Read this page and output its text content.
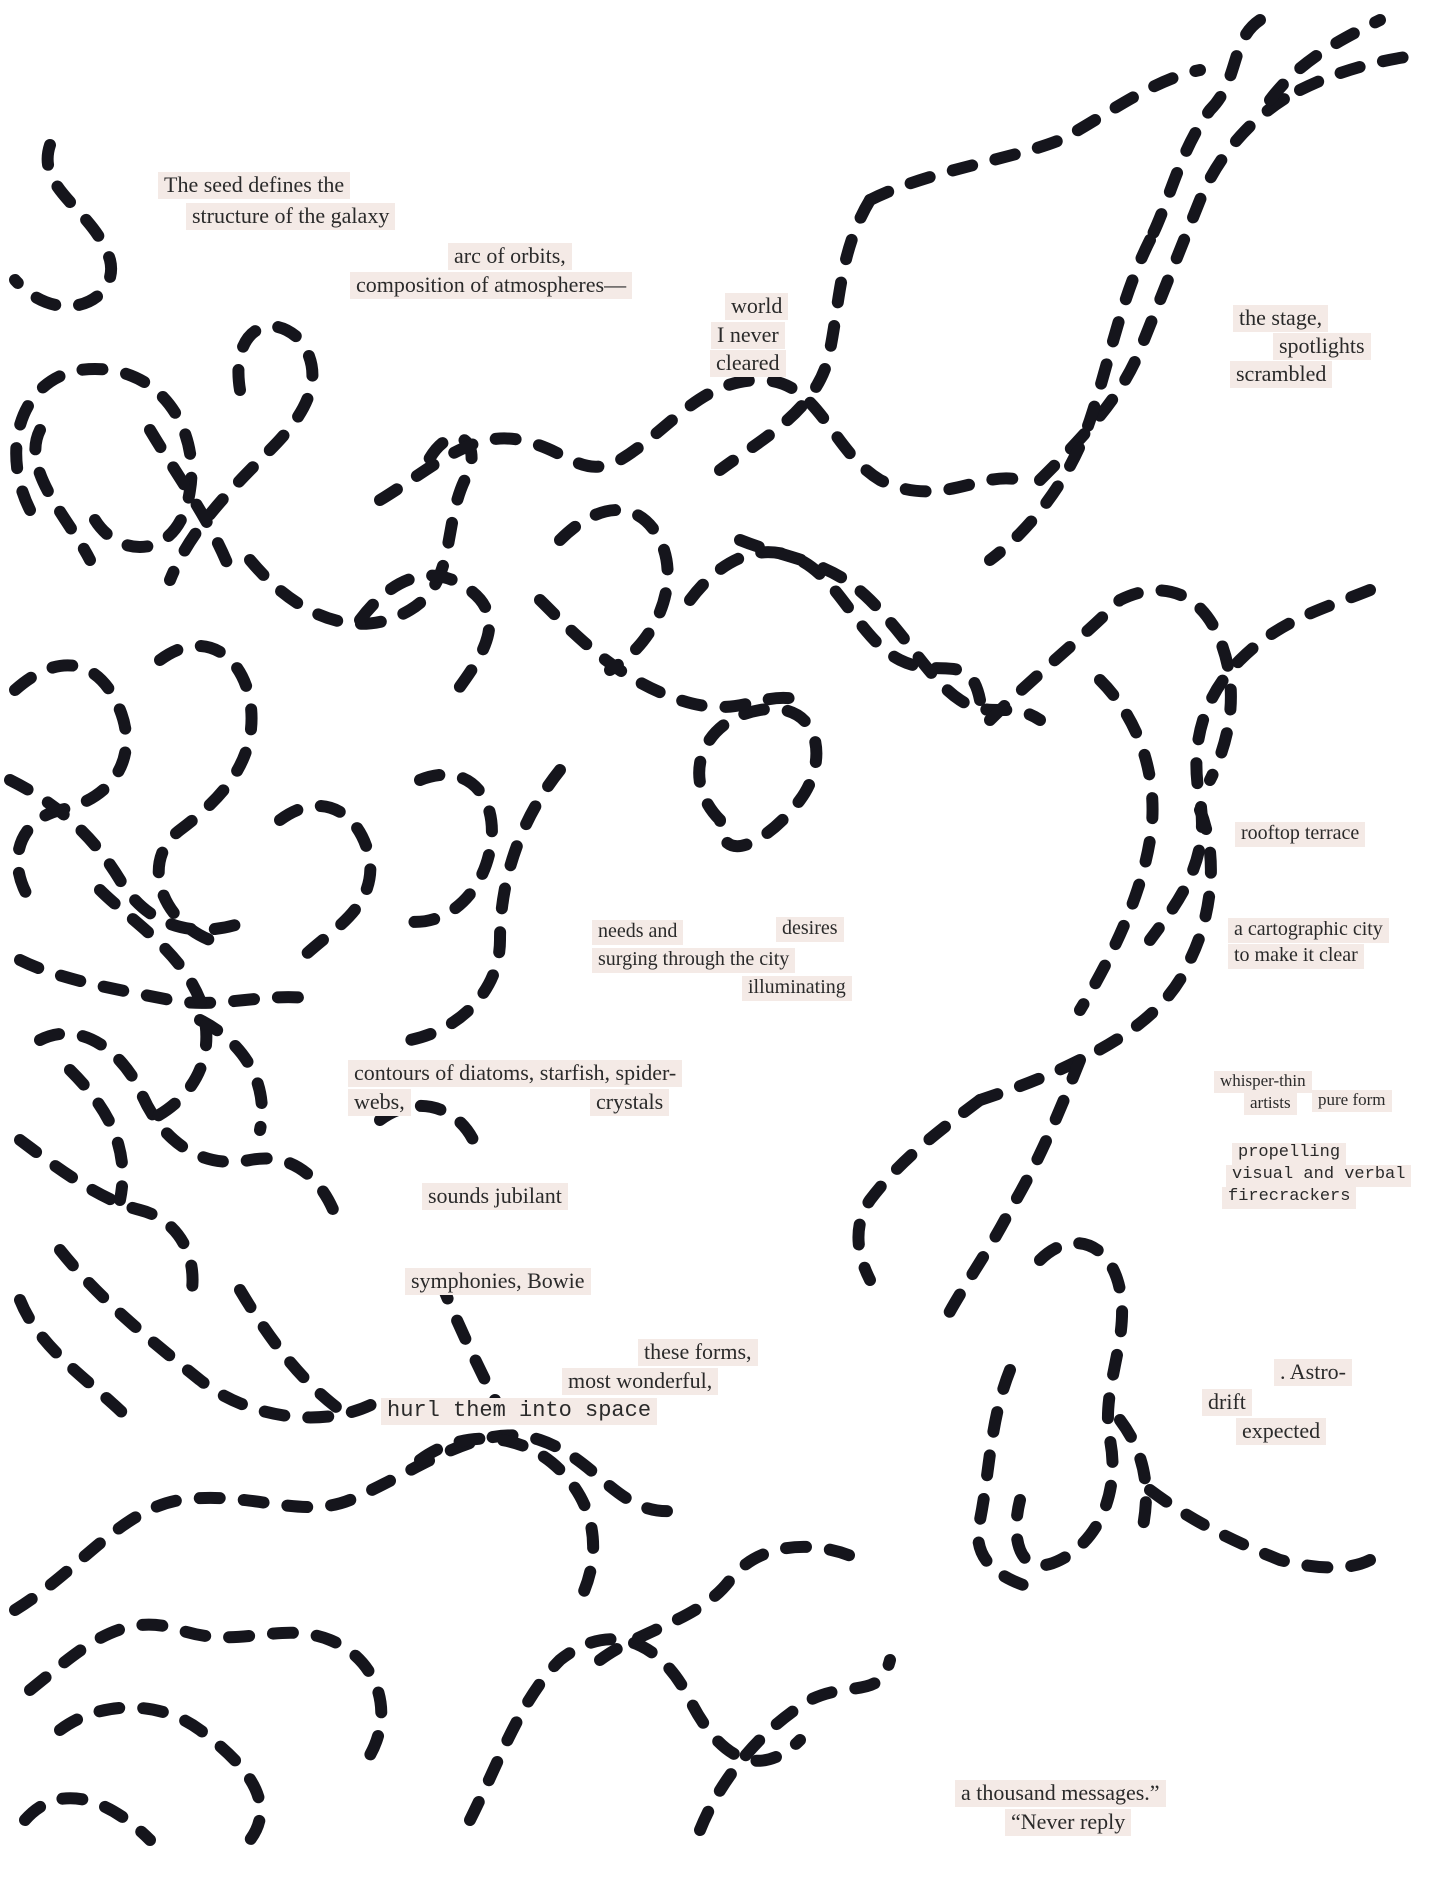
The seed defines the
structure of the galaxy
arc of orbits,
composition of atmospheres—
world
I never
cleared
the stage,
spotlights
scrambled
rooftop terrace
a cartographic city
to make it clear
needs and	desires
surging through the city
illuminating
contours of diatoms, starfish, spider-
webs,	crystals
whisper-thin
artists	pure form
propelling
visual and verbal
firecrackers
sounds jubilant
symphonies, Bowie
these forms,
most wonderful,
hurl them into space
. Astro-
drift
expected
a thousand messages.”
“Never reply
